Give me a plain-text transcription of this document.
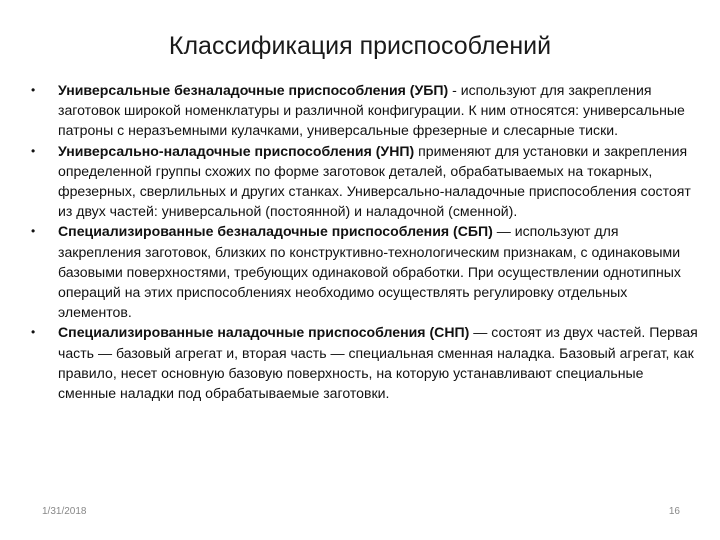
Классификация приспособлений
• Универсальные безналадочные приспособления (УБП) - используют для закрепления заготовок широкой номенклатуры и различной конфигурации. К ним относятся: универсальные патроны с неразъемными кулачками, универсальные фрезерные и слесарные тиски.
• Универсально-наладочные приспособления (УНП) применяют для установки и закрепления определенной группы схожих по форме заготовок деталей, обрабатываемых на токарных, фрезерных, сверлильных и других станках. Универсально-наладочные приспособления состоят из двух частей: универсальной (постоянной) и наладочной (сменной).
• Специализированные безналадочные приспособления (СБП) — используют для закрепления заготовок, близких по конструктивно-технологическим признакам, с одинаковыми базовыми поверхностями, требующих одинаковой обработки. При осуществлении однотипных операций на этих приспособлениях необходимо осуществлять регулировку отдельных элементов.
• Специализированные наладочные приспособления (СНП) — состоят из двух частей. Первая часть — базовый агрегат и, вторая часть — специальная сменная наладка. Базовый агрегат, как правило, несет основную базовую поверхность, на которую устанавливают специальные сменные наладки под обрабатываемые заготовки.
1/31/2018	16
